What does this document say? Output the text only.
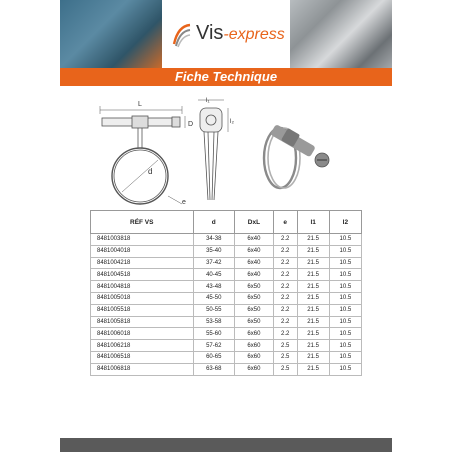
Vis-express
Fiche Technique
L
D
d
e
l₁
l₂
RÉF VS	d	DxL	e	l1	l2
8481003818	34-38	6x40	2.2	21.5	10.5
8481004018	35-40	6x40	2.2	21.5	10.5
8481004218	37-42	6x40	2.2	21.5	10.5
8481004518	40-45	6x40	2.2	21.5	10.5
8481004818	43-48	6x50	2.2	21.5	10.5
8481005018	45-50	6x50	2.2	21.5	10.5
8481005518	50-55	6x50	2.2	21.5	10.5
8481005818	53-58	6x50	2.2	21.5	10.5
8481006018	55-60	6x60	2.2	21.5	10.5
8481006218	57-62	6x60	2.5	21.5	10.5
8481006518	60-65	6x60	2.5	21.5	10.5
8481006818	63-68	6x60	2.5	21.5	10.5
